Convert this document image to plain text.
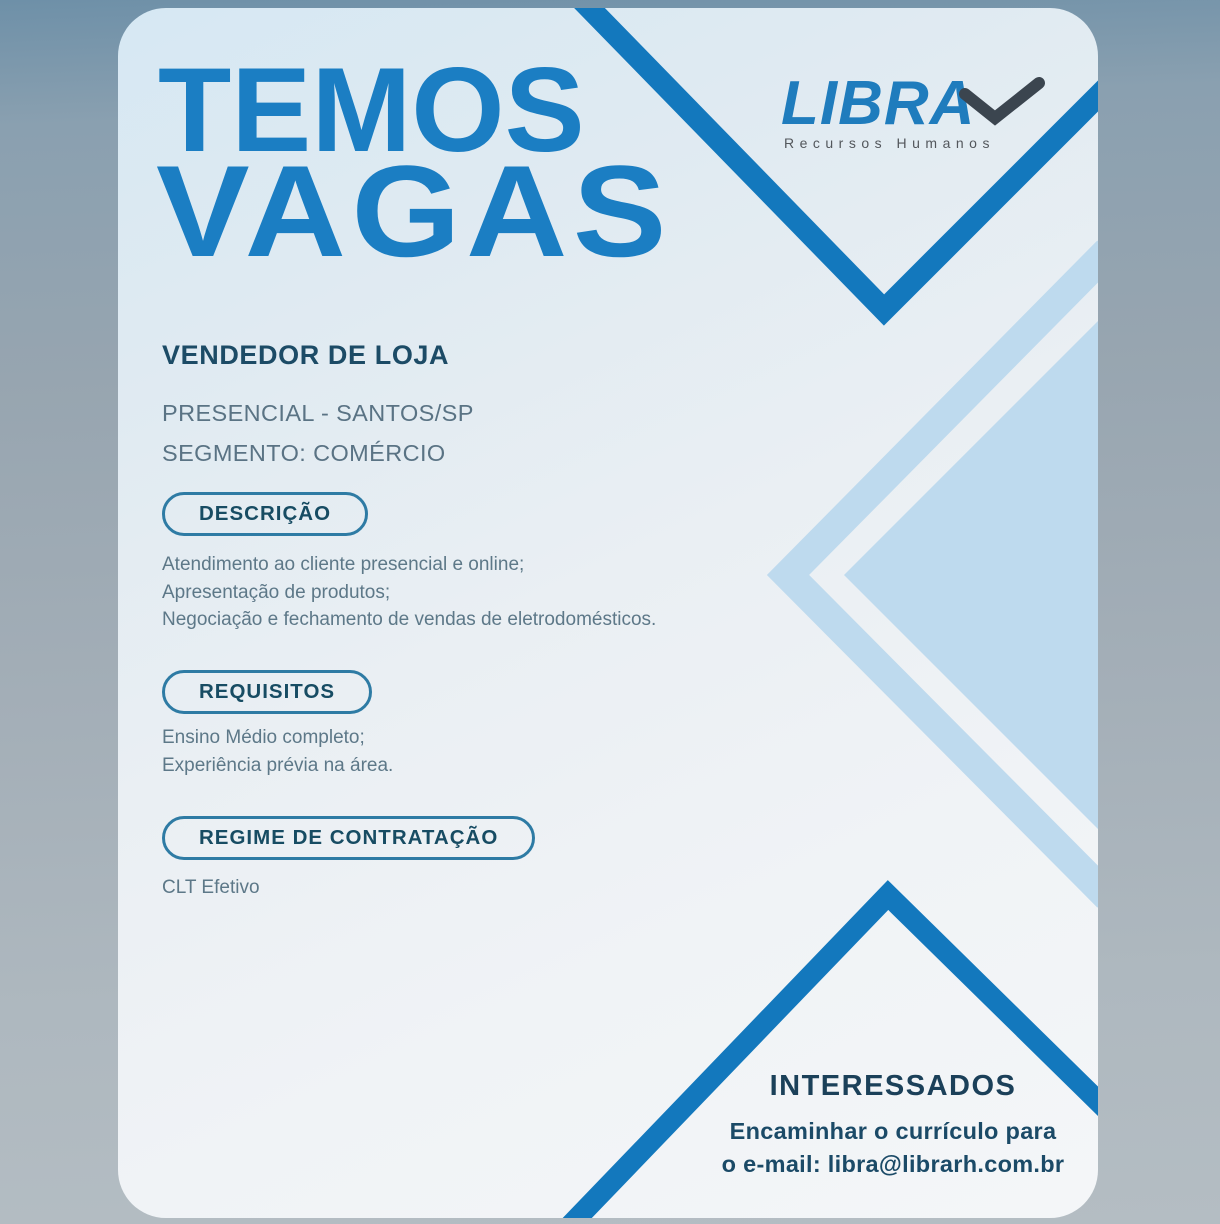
TEMOS
VAGAS
LIBRA
Recursos Humanos
VENDEDOR DE LOJA
PRESENCIAL - SANTOS/SP
SEGMENTO: COMÉRCIO
DESCRIÇÃO
Atendimento ao cliente presencial e online;
Apresentação de produtos;
Negociação e fechamento de vendas de eletrodomésticos.
REQUISITOS
Ensino Médio completo;
Experiência prévia na área.
REGIME DE CONTRATAÇÃO
CLT Efetivo
INTERESSADOS
Encaminhar o currículo para
o e-mail: libra@librarh.com.br
